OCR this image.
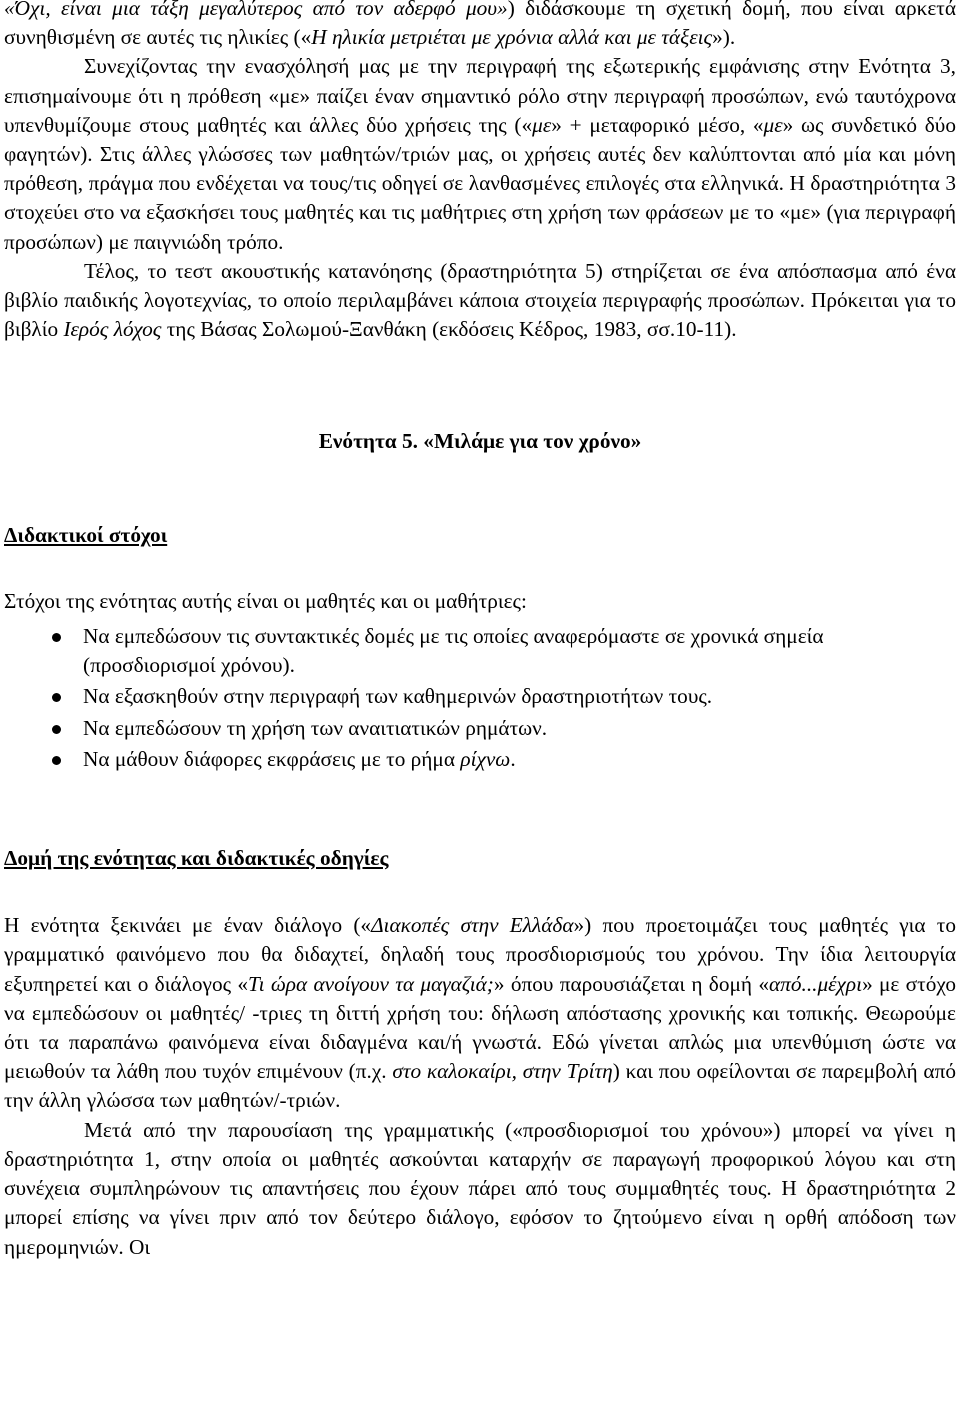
«Όχι, είναι μια τάξη μεγαλύτερος από τον αδερφό μου») διδάσκουμε τη σχετική δομή, που είναι αρκετά συνηθισμένη σε αυτές τις ηλικίες («Η ηλικία μετριέται με χρόνια αλλά και με τάξεις»).

Συνεχίζοντας την ενασχόλησή μας με την περιγραφή της εξωτερικής εμφάνισης στην Ενότητα 3, επισημαίνουμε ότι η πρόθεση «με» παίζει έναν σημαντικό ρόλο στην περιγραφή προσώπων, ενώ ταυτόχρονα υπενθυμίζουμε στους μαθητές και άλλες δύο χρήσεις της («με» + μεταφορικό μέσο, «με» ως συνδετικό δύο φαγητών). Στις άλλες γλώσσες των μαθητών/τριών μας, οι χρήσεις αυτές δεν καλύπτονται από μία και μόνη πρόθεση, πράγμα που ενδέχεται να τους/τις οδηγεί σε λανθασμένες επιλογές στα ελληνικά. Η δραστηριότητα 3 στοχεύει στο να εξασκήσει τους μαθητές και τις μαθήτριες στη χρήση των φράσεων με το «με» (για περιγραφή προσώπων) με παιγνιώδη τρόπο.

Τέλος, το τεστ ακουστικής κατανόησης (δραστηριότητα 5) στηρίζεται σε ένα απόσπασμα από ένα βιβλίο παιδικής λογοτεχνίας, το οποίο περιλαμβάνει κάποια στοιχεία περιγραφής προσώπων. Πρόκειται για το βιβλίο Ιερός λόχος της Βάσας Σολωμού-Ξανθάκη (εκδόσεις Κέδρος, 1983, σσ.10-11).

Ενότητα 5. «Μιλάμε για τον χρόνο»

Διδακτικοί στόχοι

Στόχοι της ενότητας αυτής είναι οι μαθητές και οι μαθήτριες:

Να εμπεδώσουν τις συντακτικές δομές με τις οποίες αναφερόμαστε σε χρονικά σημεία (προσδιορισμοί χρόνου).
Να εξασκηθούν στην περιγραφή των καθημερινών δραστηριοτήτων τους.
Να εμπεδώσουν τη χρήση των αναιτιατικών ρημάτων.
Να μάθουν διάφορες εκφράσεις με το ρήμα ρίχνω.

Δομή της ενότητας και διδακτικές οδηγίες

Η ενότητα ξεκινάει με έναν διάλογο («Διακοπές στην Ελλάδα») που προετοιμάζει τους μαθητές για το γραμματικό φαινόμενο που θα διδαχτεί, δηλαδή τους προσδιορισμούς του χρόνου. Την ίδια λειτουργία εξυπηρετεί και ο διάλογος «Τι ώρα ανοίγουν τα μαγαζιά;» όπου παρουσιάζεται η δομή «από...μέχρι» με στόχο να εμπεδώσουν οι μαθητές/ -τριες τη διττή χρήση του: δήλωση απόστασης χρονικής και τοπικής. Θεωρούμε ότι τα παραπάνω φαινόμενα είναι διδαγμένα και/ή γνωστά. Εδώ γίνεται απλώς μια υπενθύμιση ώστε να μειωθούν τα λάθη που τυχόν επιμένουν (π.χ. στο καλοκαίρι, στην Τρίτη) και που οφείλονται σε παρεμβολή από την άλλη γλώσσα των μαθητών/-τριών.

Μετά από την παρουσίαση της γραμματικής («προσδιορισμοί του χρόνου») μπορεί να γίνει η δραστηριότητα 1, στην οποία οι μαθητές ασκούνται καταρχήν σε παραγωγή προφορικού λόγου και στη συνέχεια συμπληρώνουν τις απαντήσεις που έχουν πάρει από τους συμμαθητές τους. Η δραστηριότητα 2 μπορεί επίσης να γίνει πριν από τον δεύτερο διάλογο, εφόσον το ζητούμενο είναι η ορθή απόδοση των ημερομηνιών. Οι
